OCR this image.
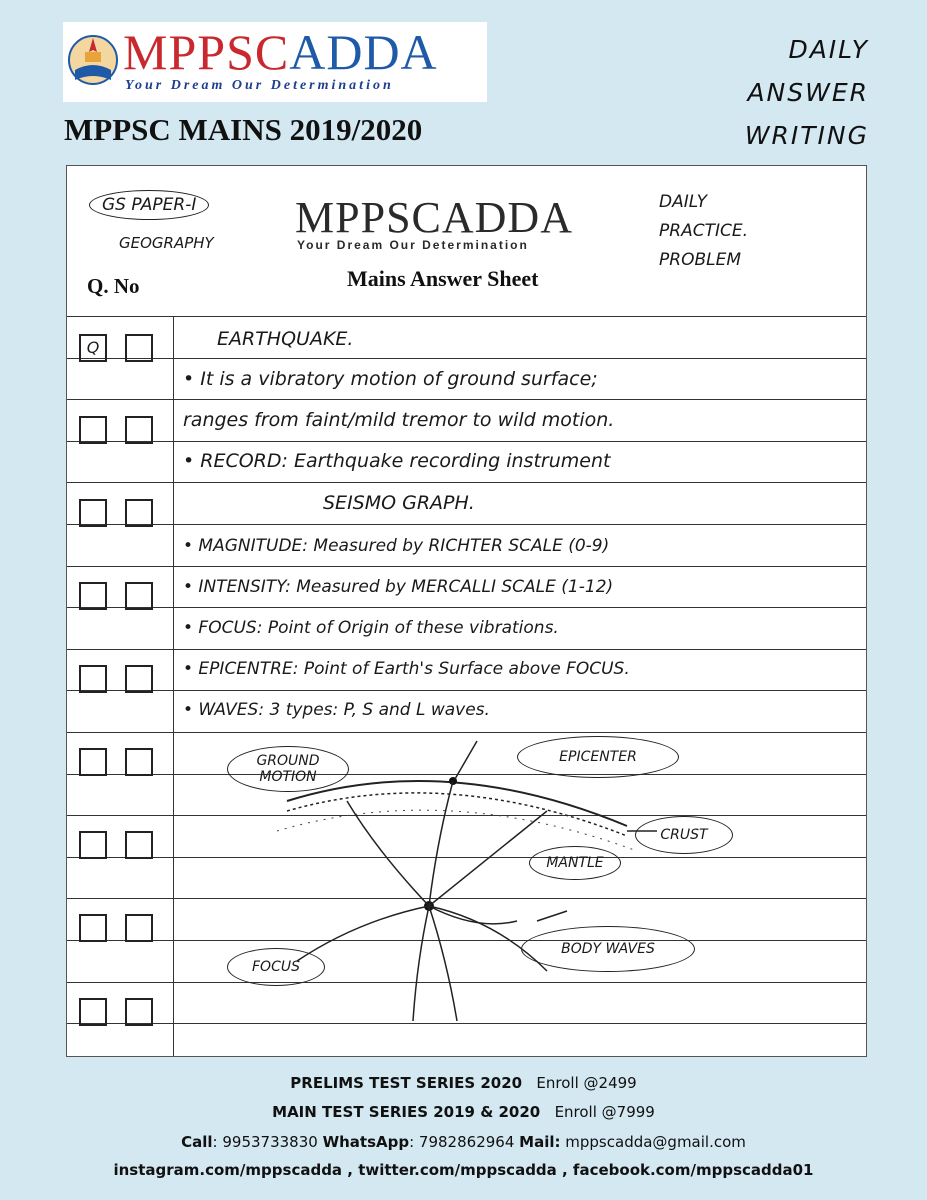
MPPSCADDA
Your Dream Our Determination
MPPSC MAINS 2019/2020
DAILY
ANSWER
WRITING
GS PAPER-I
GEOGRAPHY
MPPSCADDA
Your Dream Our Determination
Mains Answer Sheet
Q. No
DAILY
PRACTICE.
PROBLEM
Q	EARTHQUAKE.
• It is a vibratory motion of ground surface;
ranges from faint/mild tremor to wild motion.
• RECORD: Earthquake recording instrument
SEISMO GRAPH.
• MAGNITUDE: Measured by RICHTER SCALE (0-9)
• INTENSITY: Measured by MERCALLI SCALE (1-12)
• FOCUS: Point of Origin of these vibrations.
• EPICENTRE: Point of Earth's Surface above FOCUS.
• WAVES: 3 types: P, S and L waves.
GROUND
MOTION
EPICENTER
CRUST
MANTLE
BODY WAVES
FOCUS
PRELIMS TEST SERIES 2020 Enroll @2499
MAIN TEST SERIES 2019 & 2020 Enroll @7999
Call: 9953733830 WhatsApp: 7982862964 Mail: mppscadda@gmail.com
instagram.com/mppscadda , twitter.com/mppscadda , facebook.com/mppscadda01
